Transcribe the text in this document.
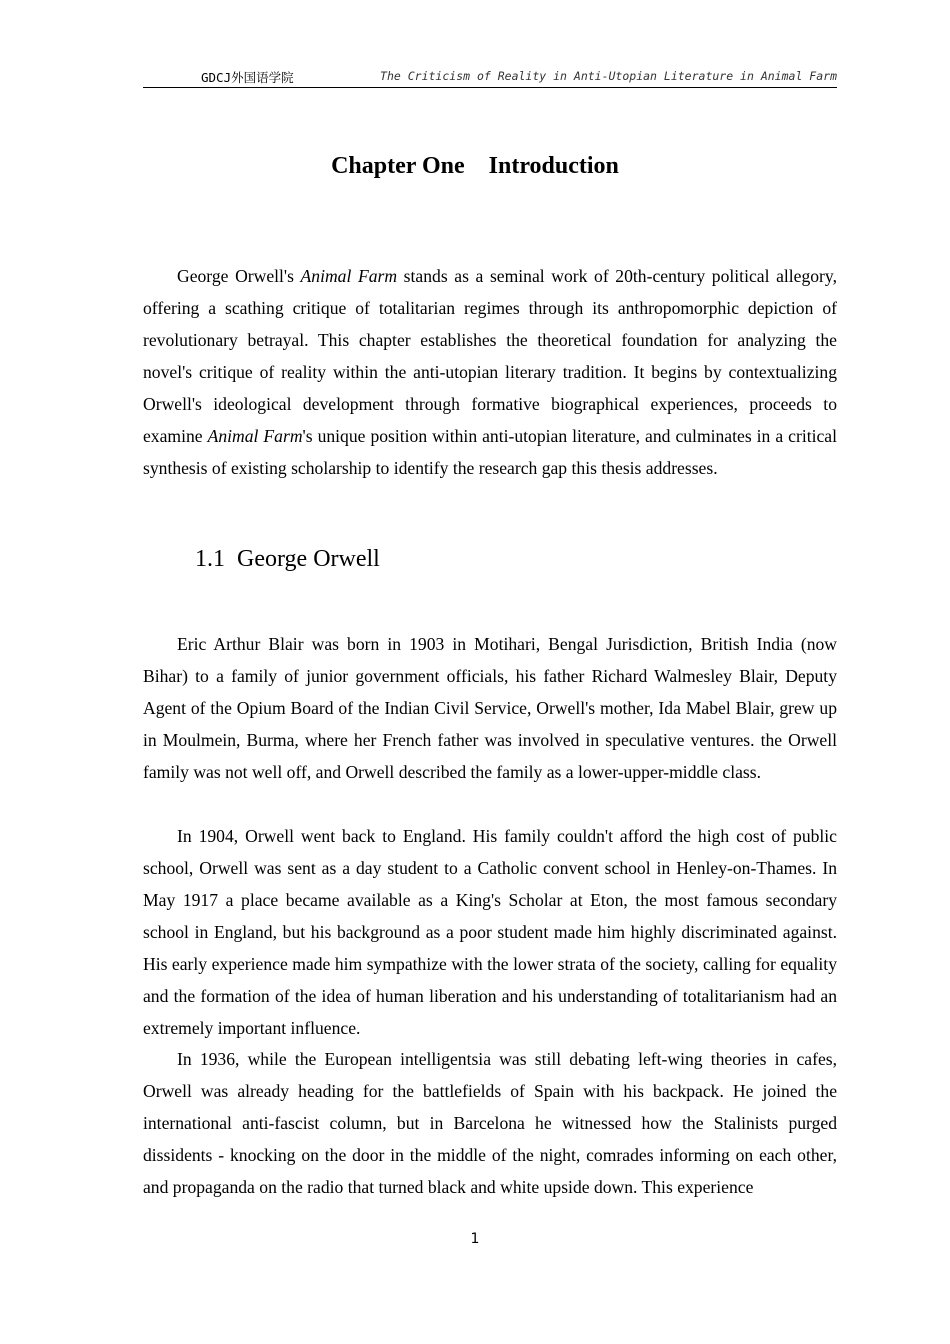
GDCJ外国语学院	The Criticism of Reality in Anti-Utopian Literature in Animal Farm
Chapter One    Introduction

George Orwell's Animal Farm stands as a seminal work of 20th-century political allegory, offering a scathing critique of totalitarian regimes through its anthropomorphic depiction of revolutionary betrayal. This chapter establishes the theoretical foundation for analyzing the novel's critique of reality within the anti-utopian literary tradition. It begins by contextualizing Orwell's ideological development through formative biographical experiences, proceeds to examine Animal Farm's unique position within anti-utopian literature, and culminates in a critical synthesis of existing scholarship to identify the research gap this thesis addresses.

1.1  George Orwell

Eric Arthur Blair was born in 1903 in Motihari, Bengal Jurisdiction, British India (now Bihar) to a family of junior government officials, his father Richard Walmesley Blair, Deputy Agent of the Opium Board of the Indian Civil Service, Orwell's mother, Ida Mabel Blair, grew up in Moulmein, Burma, where her French father was involved in speculative ventures. the Orwell family was not well off, and Orwell described the family as a lower-upper-middle class.

In 1904, Orwell went back to England. His family couldn't afford the high cost of public school, Orwell was sent as a day student to a Catholic convent school in Henley-on-Thames. In May 1917 a place became available as a King's Scholar at Eton, the most famous secondary school in England, but his background as a poor student made him highly discriminated against. His early experience made him sympathize with the lower strata of the society, calling for equality and the formation of the idea of human liberation and his understanding of totalitarianism had an extremely important influence.

In 1936, while the European intelligentsia was still debating left-wing theories in cafes, Orwell was already heading for the battlefields of Spain with his backpack. He joined the international anti-fascist column, but in Barcelona he witnessed how the Stalinists purged dissidents - knocking on the door in the middle of the night, comrades informing on each other, and propaganda on the radio that turned black and white upside down. This experience

1
